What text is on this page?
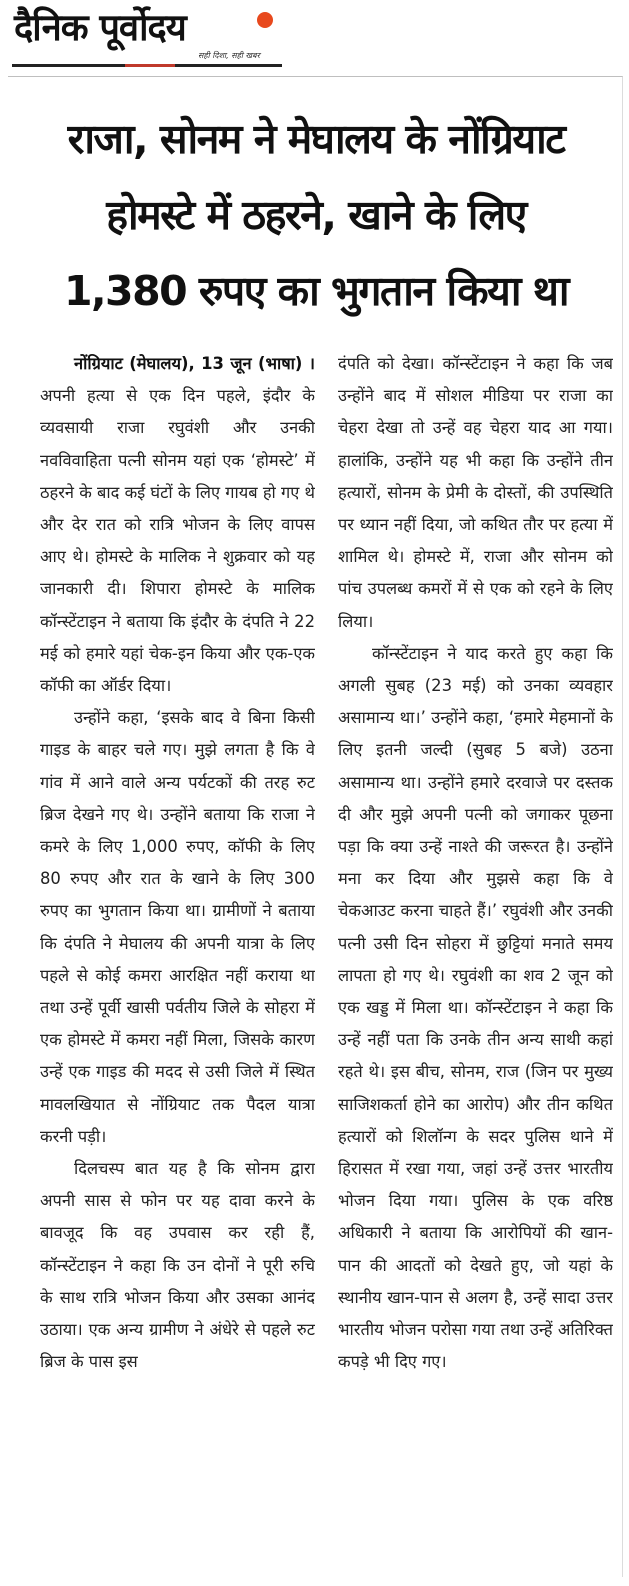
दैनिक पूर्वोदय
सही दिशा, सही खबर
राजा, सोनम ने मेघालय के नोंग्रियाट
होमस्टे में ठहरने, खाने के लिए
1,380 रुपए का भुगतान किया था

नोंग्रियाट (मेघालय), 13 जून (भाषा) । अपनी हत्या से एक दिन पहले, इंदौर के व्यवसायी राजा रघुवंशी और उनकी नवविवाहिता पत्नी सोनम यहां एक ‘होमस्टे’ में ठहरने के बाद कई घंटों के लिए गायब हो गए थे और देर रात को रात्रि भोजन के लिए वापस आए थे। होमस्टे के मालिक ने शुक्रवार को यह जानकारी दी। शिपारा होमस्टे के मालिक कॉन्स्टेंटाइन ने बताया कि इंदौर के दंपति ने 22 मई को हमारे यहां चेक-इन किया और एक-एक कॉफी का ऑर्डर दिया।

उन्होंने कहा, ‘इसके बाद वे बिना किसी गाइड के बाहर चले गए। मुझे लगता है कि वे गांव में आने वाले अन्य पर्यटकों की तरह रुट ब्रिज देखने गए थे। उन्होंने बताया कि राजा ने कमरे के लिए 1,000 रुपए, कॉफी के लिए 80 रुपए और रात के खाने के लिए 300 रुपए का भुगतान किया था। ग्रामीणों ने बताया कि दंपति ने मेघालय की अपनी यात्रा के लिए पहले से कोई कमरा आरक्षित नहीं कराया था तथा उन्हें पूर्वी खासी पर्वतीय जिले के सोहरा में एक होमस्टे में कमरा नहीं मिला, जिसके कारण उन्हें एक गाइड की मदद से उसी जिले में स्थित मावलखियात से नोंग्रियाट तक पैदल यात्रा करनी पड़ी।

दिलचस्प बात यह है कि सोनम द्वारा अपनी सास से फोन पर यह दावा करने के बावजूद कि वह उपवास कर रही हैं, कॉन्स्टेंटाइन ने कहा कि उन दोनों ने पूरी रुचि के साथ रात्रि भोजन किया और उसका आनंद उठाया। एक अन्य ग्रामीण ने अंधेरे से पहले रुट ब्रिज के पास इस

दंपति को देखा। कॉन्स्टेंटाइन ने कहा कि जब उन्होंने बाद में सोशल मीडिया पर राजा का चेहरा देखा तो उन्हें वह चेहरा याद आ गया। हालांकि, उन्होंने यह भी कहा कि उन्होंने तीन हत्यारों, सोनम के प्रेमी के दोस्तों, की उपस्थिति पर ध्यान नहीं दिया, जो कथित तौर पर हत्या में शामिल थे। होमस्टे में, राजा और सोनम को पांच उपलब्ध कमरों में से एक को रहने के लिए लिया।

कॉन्स्टेंटाइन ने याद करते हुए कहा कि अगली सुबह (23 मई) को उनका व्यवहार असामान्य था।’ उन्होंने कहा, ‘हमारे मेहमानों के लिए इतनी जल्दी (सुबह 5 बजे) उठना असामान्य था। उन्होंने हमारे दरवाजे पर दस्तक दी और मुझे अपनी पत्नी को जगाकर पूछना पड़ा कि क्या उन्हें नाश्ते की जरूरत है। उन्होंने मना कर दिया और मुझसे कहा कि वे चेकआउट करना चाहते हैं।’ रघुवंशी और उनकी पत्नी उसी दिन सोहरा में छुट्टियां मनाते समय लापता हो गए थे। रघुवंशी का शव 2 जून को एक खड्ड में मिला था। कॉन्स्टेंटाइन ने कहा कि उन्हें नहीं पता कि उनके तीन अन्य साथी कहां रहते थे। इस बीच, सोनम, राज (जिन पर मुख्य साजिशकर्ता होने का आरोप) और तीन कथित हत्यारों को शिलॉन्ग के सदर पुलिस थाने में हिरासत में रखा गया, जहां उन्हें उत्तर भारतीय भोजन दिया गया। पुलिस के एक वरिष्ठ अधिकारी ने बताया कि आरोपियों की खान-पान की आदतों को देखते हुए, जो यहां के स्थानीय खान-पान से अलग है, उन्हें सादा उत्तर भारतीय भोजन परोसा गया तथा उन्हें अतिरिक्त कपड़े भी दिए गए।
